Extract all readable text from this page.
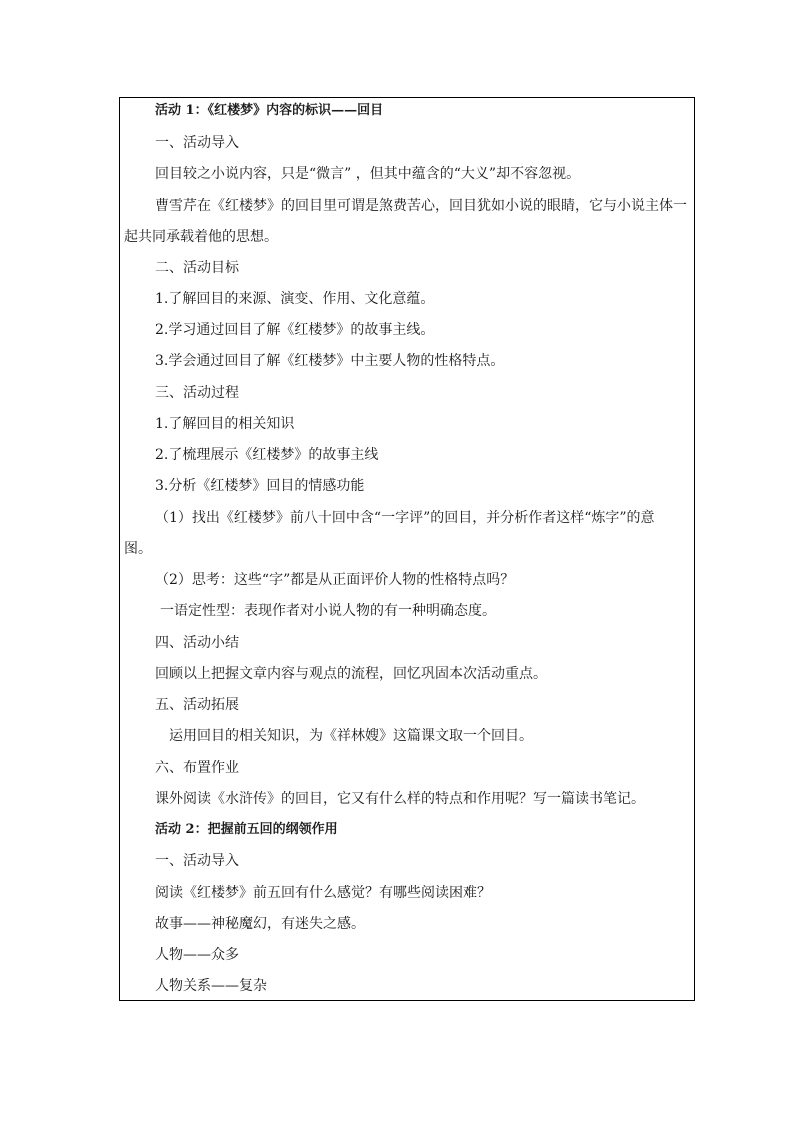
活动 1：《红楼梦》内容的标识——回目
一、活动导入
回目较之小说内容，只是“微言” ，但其中蕴含的“大义”却不容忽视。
曹雪芹在《红楼梦》的回目里可谓是煞费苦心，回目犹如小说的眼睛，它与小说主体一
起共同承载着他的思想。
二、活动目标
1.了解回目的来源、演变、作用、文化意蕴。
2.学习通过回目了解《红楼梦》的故事主线。
3.学会通过回目了解《红楼梦》中主要人物的性格特点。
三、活动过程
1.了解回目的相关知识
2.了梳理展示《红楼梦》的故事主线
3.分析《红楼梦》回目的情感功能
（1）找出《红楼梦》前八十回中含“一字评”的回目，并分析作者这样“炼字”的意
图。
（2）思考：这些“字”都是从正面评价人物的性格特点吗？
一语定性型：表现作者对小说人物的有一种明确态度。
四、活动小结
回顾以上把握文章内容与观点的流程，回忆巩固本次活动重点。
五、活动拓展
运用回目的相关知识，为《祥林嫂》这篇课文取一个回目。
六、布置作业
课外阅读《水浒传》的回目，它又有什么样的特点和作用呢？写一篇读书笔记。
活动 2：把握前五回的纲领作用
一、活动导入
阅读《红楼梦》前五回有什么感觉？有哪些阅读困难？
故事——神秘魔幻，有迷失之感。
人物——众多
人物关系——复杂
